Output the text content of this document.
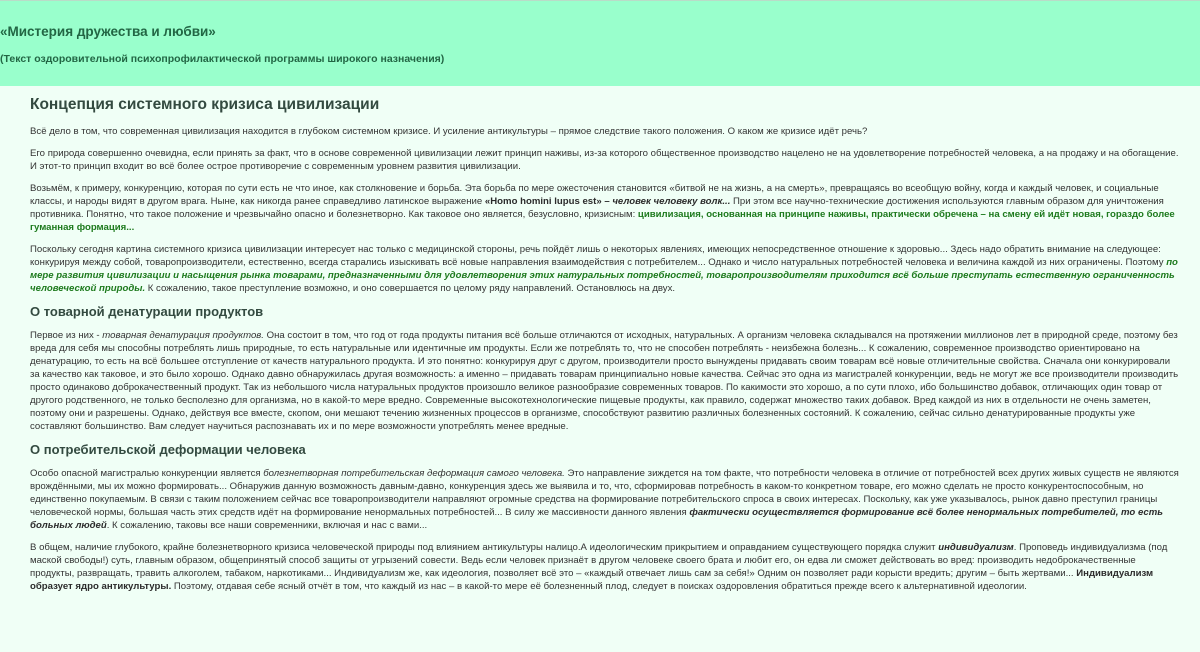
«Мистерия дружества и любви»

(Текст оздоровительной психопрофилактической программы широкого назначения)

Концепция системного кризиса цивилизации

Всё дело в том, что современная цивилизация находится в глубоком системном кризисе. И усиление антикультуры – прямое следствие такого положения. О каком же кризисе идёт речь?

Его природа совершенно очевидна, если принять за факт, что в основе современной цивилизации лежит принцип наживы, из-за которого общественное производство нацелено не на удовлетворение потребностей человека, а на продажу и на обогащение. И этот-то принцип входит во всё более острое противоречие с современным уровнем развития цивилизации.

Возьмём, к примеру, конкуренцию, которая по сути есть не что иное, как столкновение и борьба. Эта борьба по мере ожесточения становится «битвой не на жизнь, а на смерть», превращаясь во всеобщую войну, когда и каждый человек, и социальные классы, и народы видят в другом врага. Ныне, как никогда ранее справедливо латинское выражение «Homo homini lupus est» – человек человеку волк... При этом все научно-технические достижения используются главным образом для уничтожения противника. Понятно, что такое положение и чрезвычайно опасно и болезнетворно. Как таковое оно является, безусловно, кризисным: цивилизация, основанная на принципе наживы, практически обречена – на смену ей идёт новая, гораздо более гуманная формация...

Поскольку сегодня картина системного кризиса цивилизации интересует нас только с медицинской стороны, речь пойдёт лишь о некоторых явлениях, имеющих непосредственное отношение к здоровью... Здесь надо обратить внимание на следующее: конкурируя между собой, товаропроизводители, естественно, всегда старались изыскивать всё новые направления взаимодействия с потребителем... Однако и число натуральных потребностей человека и величина каждой из них ограничены. Поэтому по мере развития цивилизации и насыщения рынка товарами, предназначенными для удовлетворения этих натуральных потребностей, товаропроизводителям приходится всё больше преступать естественную ограниченность человеческой природы. К сожалению, такое преступление возможно, и оно совершается по целому ряду направлений. Остановлюсь на двух.

О товарной денатурации продуктов

Первое из них - товарная денатурация продуктов. Она состоит в том, что год от года продукты питания всё больше отличаются от исходных, натуральных. А организм человека складывался на протяжении миллионов лет в природной среде, поэтому без вреда для себя мы способны потреблять лишь природные, то есть натуральные или идентичные им продукты. Если же потреблять то, что не способен потреблять - неизбежна болезнь... К сожалению, современное производство ориентировано на денатурацию, то есть на всё большее отступление от качеств натурального продукта. И это понятно: конкурируя друг с другом, производители просто вынуждены придавать своим товарам всё новые отличительные свойства. Сначала они конкурировали за качество как таковое, и это было хорошо. Однако давно обнаружилась другая возможность: а именно – придавать товарам принципиально новые качества. Сейчас это одна из магистралей конкуренции, ведь не могут же все производители производить просто одинаково доброкачественный продукт. Так из небольшого числа натуральных продуктов произошло великое разнообразие современных товаров. По какимости это хорошо, а по сути плохо, ибо большинство добавок, отличающих один товар от другого родственного, не только бесполезно для организма, но в какой-то мере вредно. Современные высокотехнологические пищевые продукты, как правило, содержат множество таких добавок. Вред каждой из них в отдельности не очень заметен, поэтому они и разрешены. Однако, действуя все вместе, скопом, они мешают течению жизненных процессов в организме, способствуют развитию различных болезненных состояний. К сожалению, сейчас сильно денатурированные продукты уже составляют большинство. Вам следует научиться распознавать их и по мере возможности употреблять менее вредные.

О потребительской деформации человека

Особо опасной магистралью конкуренции является болезнетворная потребительская деформация самого человека. Это направление зиждется на том факте, что потребности человека в отличие от потребностей всех других живых существ не являются врождёнными, мы их можно формировать... Обнаружив данную возможность давным-давно, конкуренция здесь же выявила и то, что, сформировав потребность в каком-то конкретном товаре, его можно сделать не просто конкурентоспособным, но единственно покупаемым. В связи с таким положением сейчас все товаропроизводители направляют огромные средства на формирование потребительского спроса в своих интересах. Поскольку, как уже указывалось, рынок давно преступил границы человеческой нормы, большая часть этих средств идёт на формирование ненормальных потребностей... В силу же массивности данного явления фактически осуществляется формирование всё более ненормальных потребителей, то есть больных людей. К сожалению, таковы все наши современники, включая и нас с вами...

В общем, наличие глубокого, крайне болезнетворного кризиса человеческой природы под влиянием антикультуры налицо.А идеологическим прикрытием и оправданием существующего порядка служит индивидуализм. Проповедь индивидуализма (под маской свободы!) суть, главным образом, общепринятый способ защиты от угрызений совести. Ведь если человек признаёт в другом человеке своего брата и любит его, он едва ли сможет действовать во вред: производить недоброкачественные продукты, развращать, травить алкоголем, табаком, наркотиками... Индивидуализм же, как идеология, позволяет всё это – «каждый отвечает лишь сам за себя!» Одним он позволяет ради корысти вредить; другим – быть жертвами... Индивидуализм образует ядро антикультуры. Поэтому, отдавая себе ясный отчёт в том, что каждый из нас – в какой-то мере её болезненный плод, следует в поисках оздоровления обратиться прежде всего к альтернативной идеологии.
